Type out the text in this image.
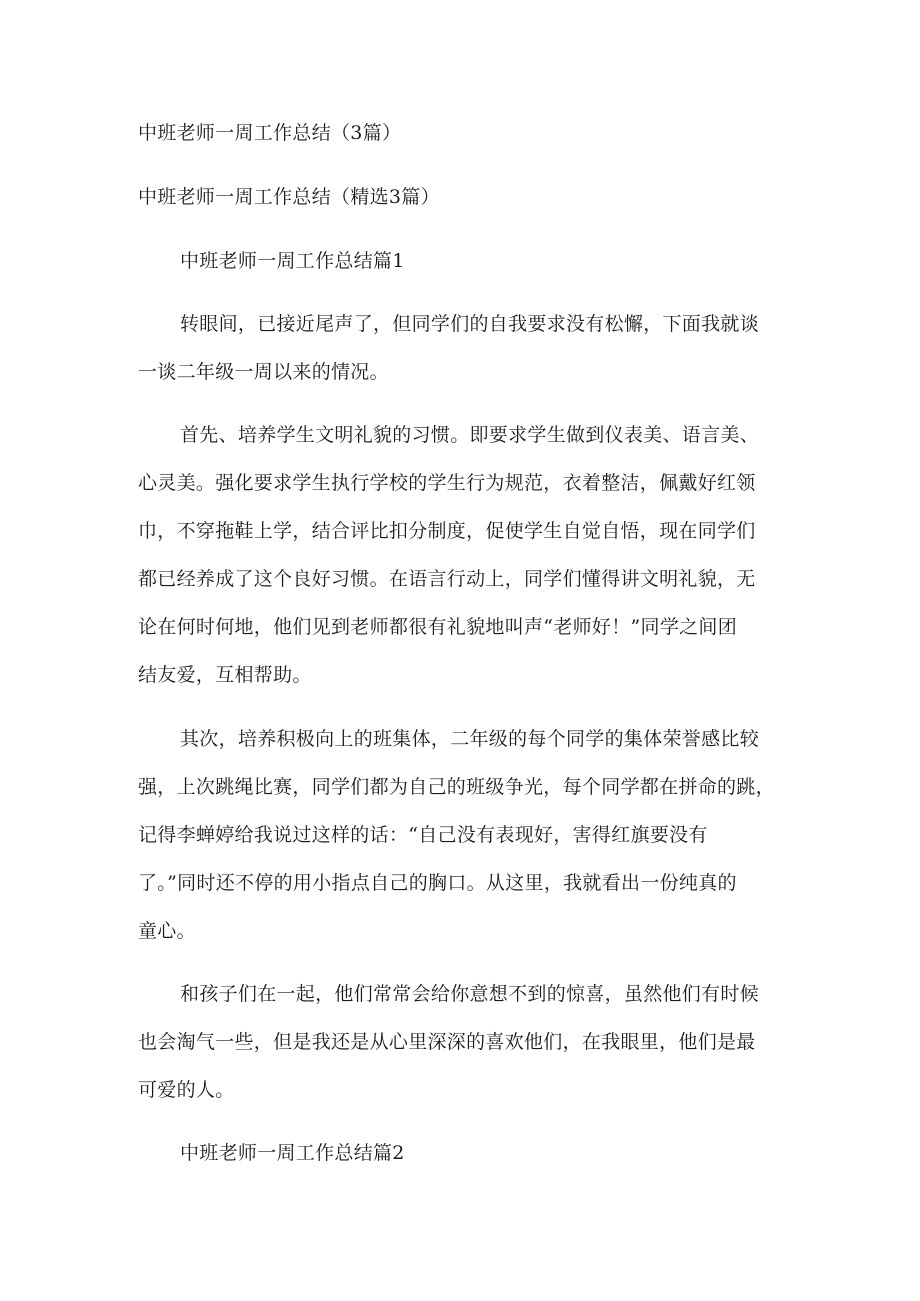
中班老师一周工作总结（3篇）
中班老师一周工作总结（精选3篇）
中班老师一周工作总结篇1
转眼间，已接近尾声了，但同学们的自我要求没有松懈，下面我就谈
一谈二年级一周以来的情况。
首先、培养学生文明礼貌的习惯。即要求学生做到仪表美、语言美、
心灵美。强化要求学生执行学校的学生行为规范，衣着整洁，佩戴好红领
巾，不穿拖鞋上学，结合评比扣分制度，促使学生自觉自悟，现在同学们
都已经养成了这个良好习惯。在语言行动上，同学们懂得讲文明礼貌，无
论在何时何地，他们见到老师都很有礼貌地叫声“老师好！”同学之间团
结友爱，互相帮助。
其次，培养积极向上的班集体，二年级的每个同学的集体荣誉感比较
强，上次跳绳比赛，同学们都为自己的班级争光，每个同学都在拼命的跳，
记得李蝉婷给我说过这样的话：“自己没有表现好，害得红旗要没有
了。”同时还不停的用小指点自己的胸口。从这里，我就看出一份纯真的
童心。
和孩子们在一起，他们常常会给你意想不到的惊喜，虽然他们有时候
也会淘气一些，但是我还是从心里深深的喜欢他们，在我眼里，他们是最
可爱的人。
中班老师一周工作总结篇2
